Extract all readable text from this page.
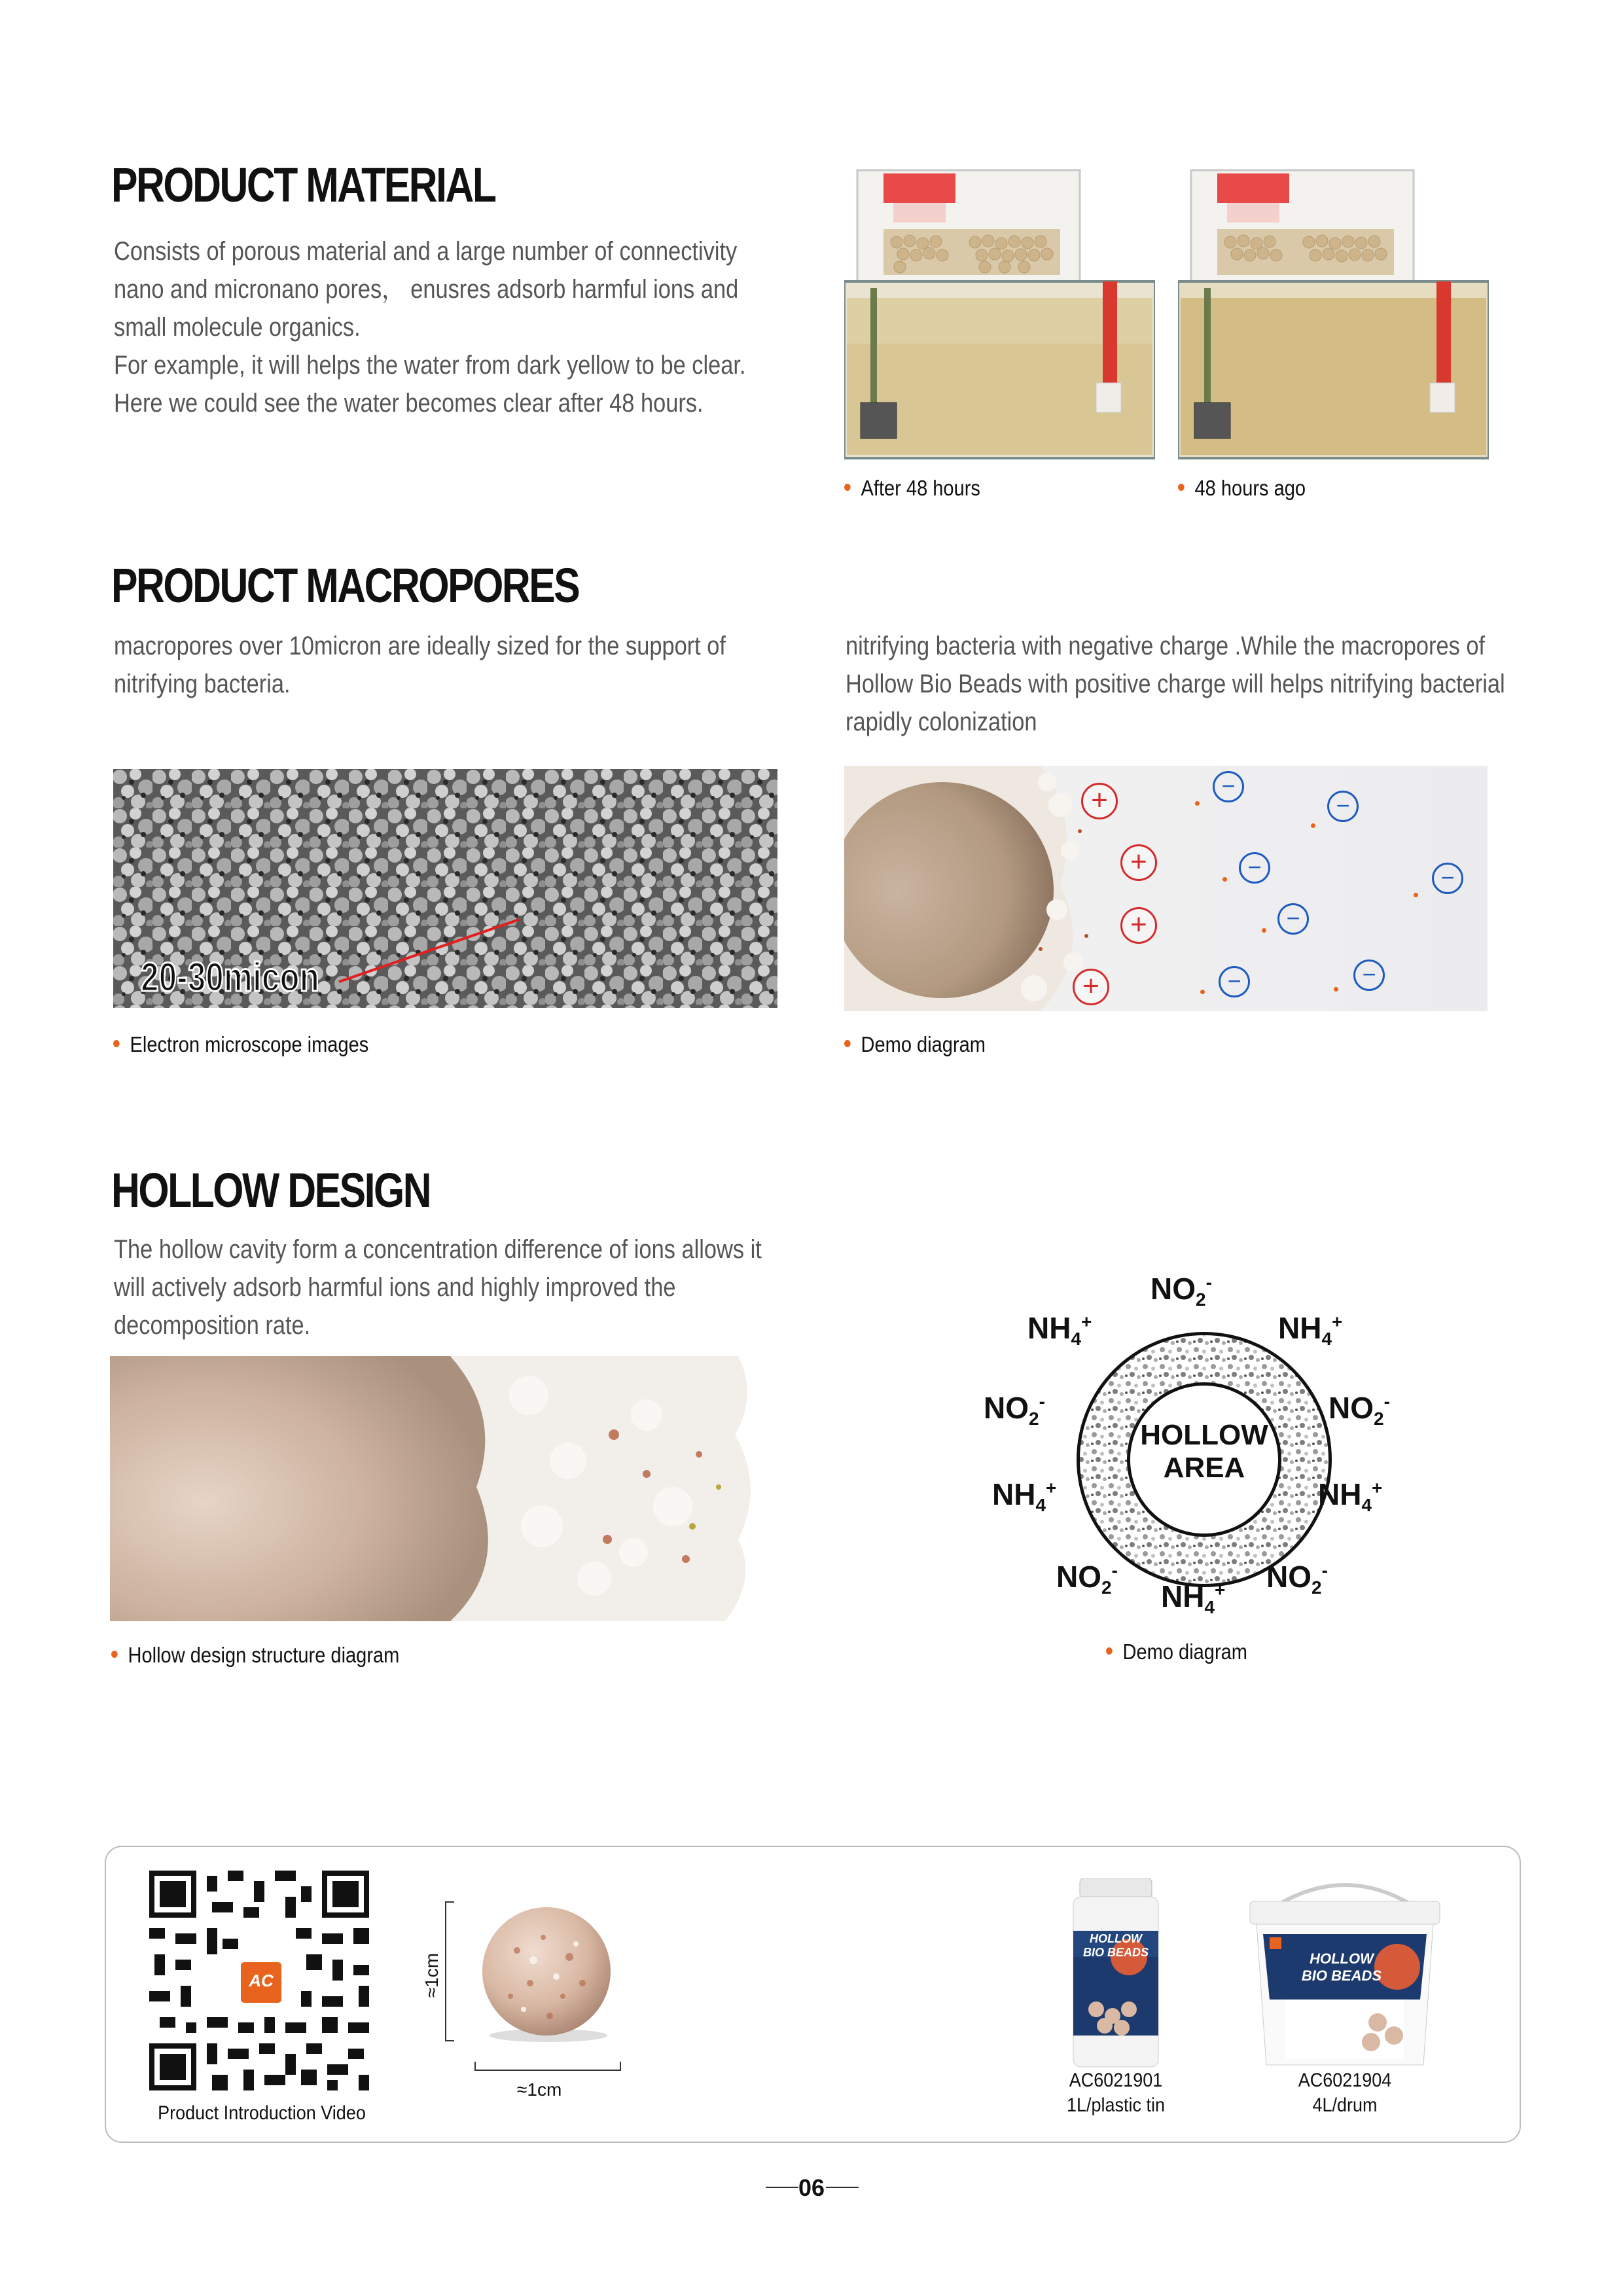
PRODUCT MATERIAL

Consists of porous material and a large number of connectivity

nano and micronano pores， enusres adsorb harmful ions and

small molecule organics.

For example, it will helps the water from dark yellow to be clear.

Here we could see the water becomes clear after 48 hours.

After 48 hours	48 hours ago
PRODUCT MACROPORES

macropores over 10micron are ideally sized for the support of

nitrifying bacteria.

nitrifying bacteria with negative charge .While the macropores of

Hollow Bio Beads with positive charge will helps nitrifying bacterial

rapidly colonization

20-30micon
Electron microscope images
+
+
+
+
−
−
−	−
−
−	−
Demo diagram
HOLLOW DESIGN

The hollow cavity form a concentration difference of ions allows it

will actively adsorb harmful ions and highly improved the

decomposition rate.

Hollow design structure diagram
HOLLOW
AREA
$NO_2^-$
$NH_4^+$	$NH_4^+$
$NO_2^-$	$NO_2^-$
$NH_4^+$	$NH_4^+$
$NO_2^-$
$NH_4^+$ $NO_2^-$
Demo diagram
AC
Product Introduction Video
≈1cm
≈1cm
HOLLOW
BIO BEADS	HOLLOW
BIO BEADS
AC6021901
1L/plastic tin
AC6021904
4L/drum
06
